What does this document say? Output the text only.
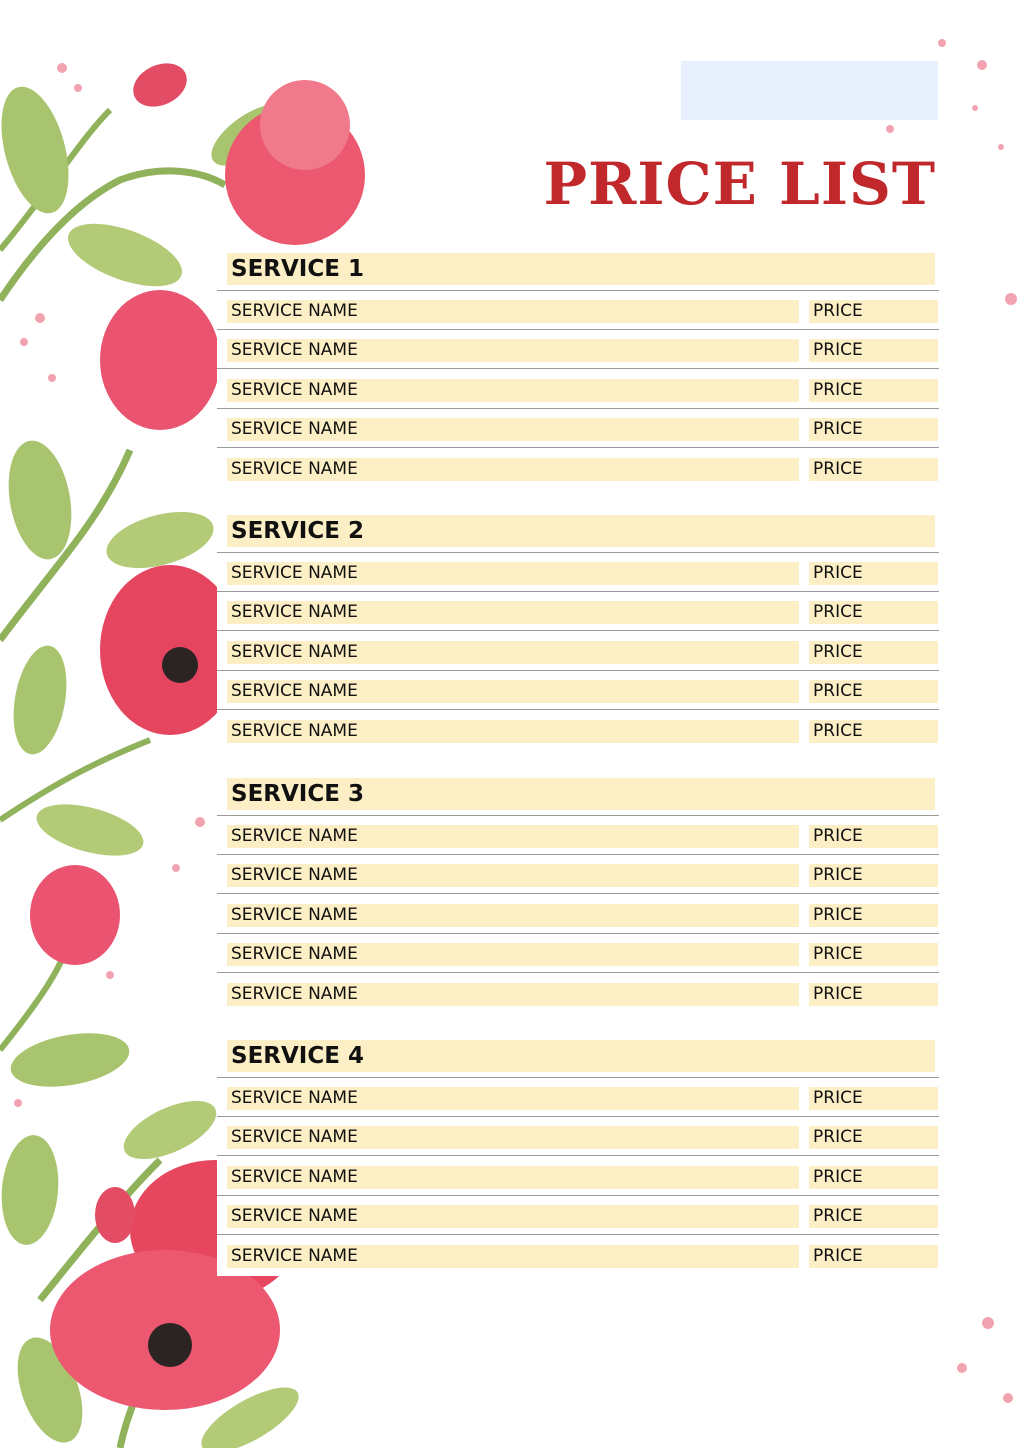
PRICE LIST
SERVICE 1
SERVICE NAME	PRICE
SERVICE NAME	PRICE
SERVICE NAME	PRICE
SERVICE NAME	PRICE
SERVICE NAME	PRICE
SERVICE 2
SERVICE NAME	PRICE
SERVICE NAME	PRICE
SERVICE NAME	PRICE
SERVICE NAME	PRICE
SERVICE NAME	PRICE
SERVICE 3
SERVICE NAME	PRICE
SERVICE NAME	PRICE
SERVICE NAME	PRICE
SERVICE NAME	PRICE
SERVICE NAME	PRICE
SERVICE 4
SERVICE NAME	PRICE
SERVICE NAME	PRICE
SERVICE NAME	PRICE
SERVICE NAME	PRICE
SERVICE NAME	PRICE
